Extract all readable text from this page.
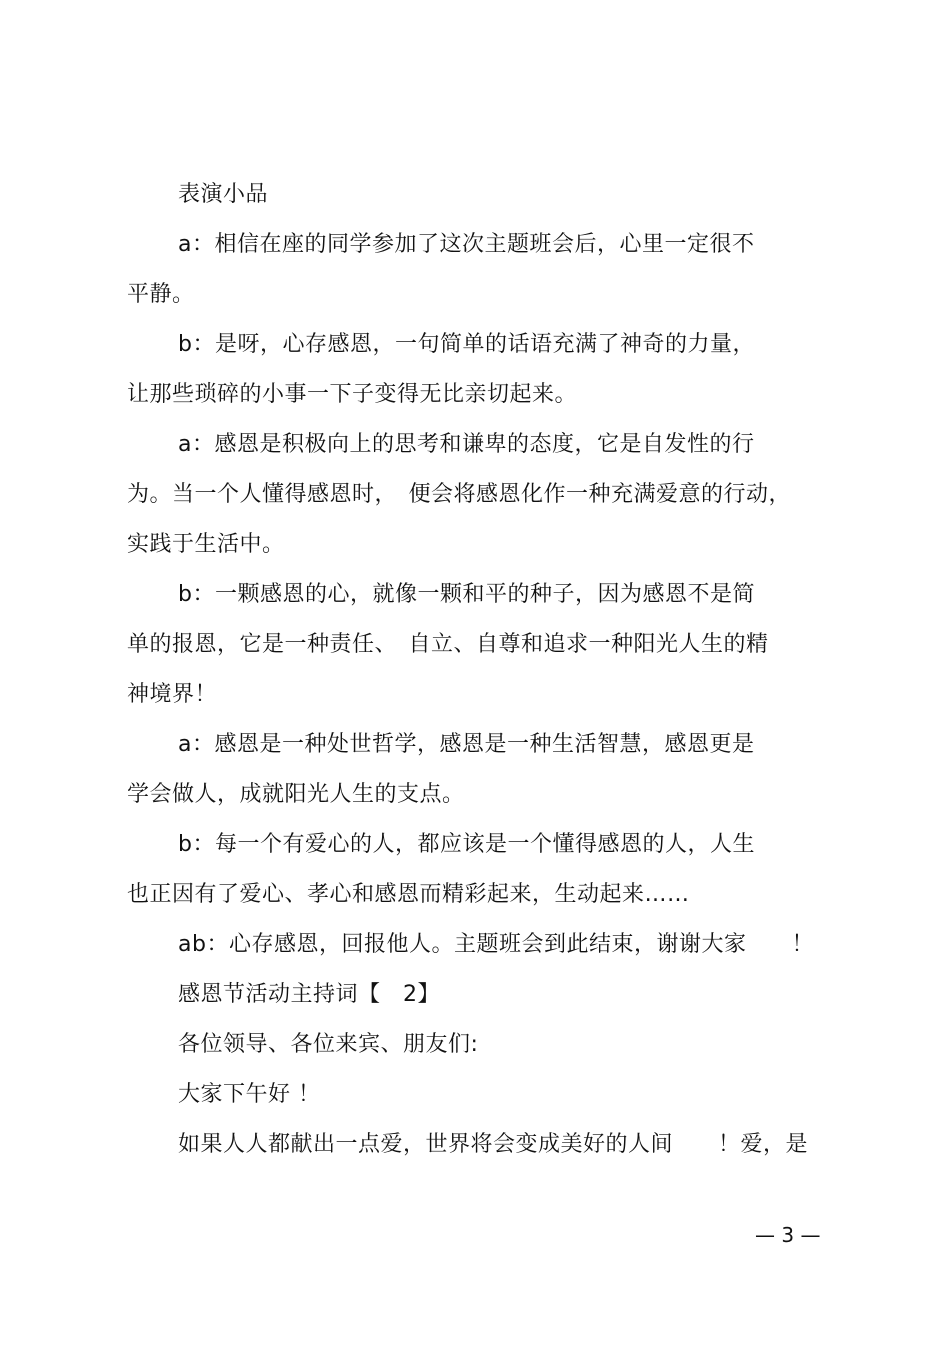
表演小品
a：相信在座的同学参加了这次主题班会后，心里一定很不
平静。
b：是呀，心存感恩，一句简单的话语充满了神奇的力量，
让那些琐碎的小事一下子变得无比亲切起来。
a：感恩是积极向上的思考和谦卑的态度，它是自发性的行
为。当一个人懂得感恩时，　便会将感恩化作一种充满爱意的行动，
实践于生活中。
b：一颗感恩的心，就像一颗和平的种子，因为感恩不是简
单的报恩，它是一种责任、　自立、自尊和追求一种阳光人生的精
神境界！
a：感恩是一种处世哲学，感恩是一种生活智慧，感恩更是
学会做人，成就阳光人生的支点。
b：每一个有爱心的人，都应该是一个懂得感恩的人，人生
也正因有了爱心、孝心和感恩而精彩起来，生动起来……
ab：心存感恩，回报他人。主题班会到此结束，谢谢大家　　！
感恩节活动主持词【　2】
各位领导、各位来宾、朋友们:
大家下午好 ！
如果人人都献出一点爱，世界将会变成美好的人间　　！爱，是
— 3 —
